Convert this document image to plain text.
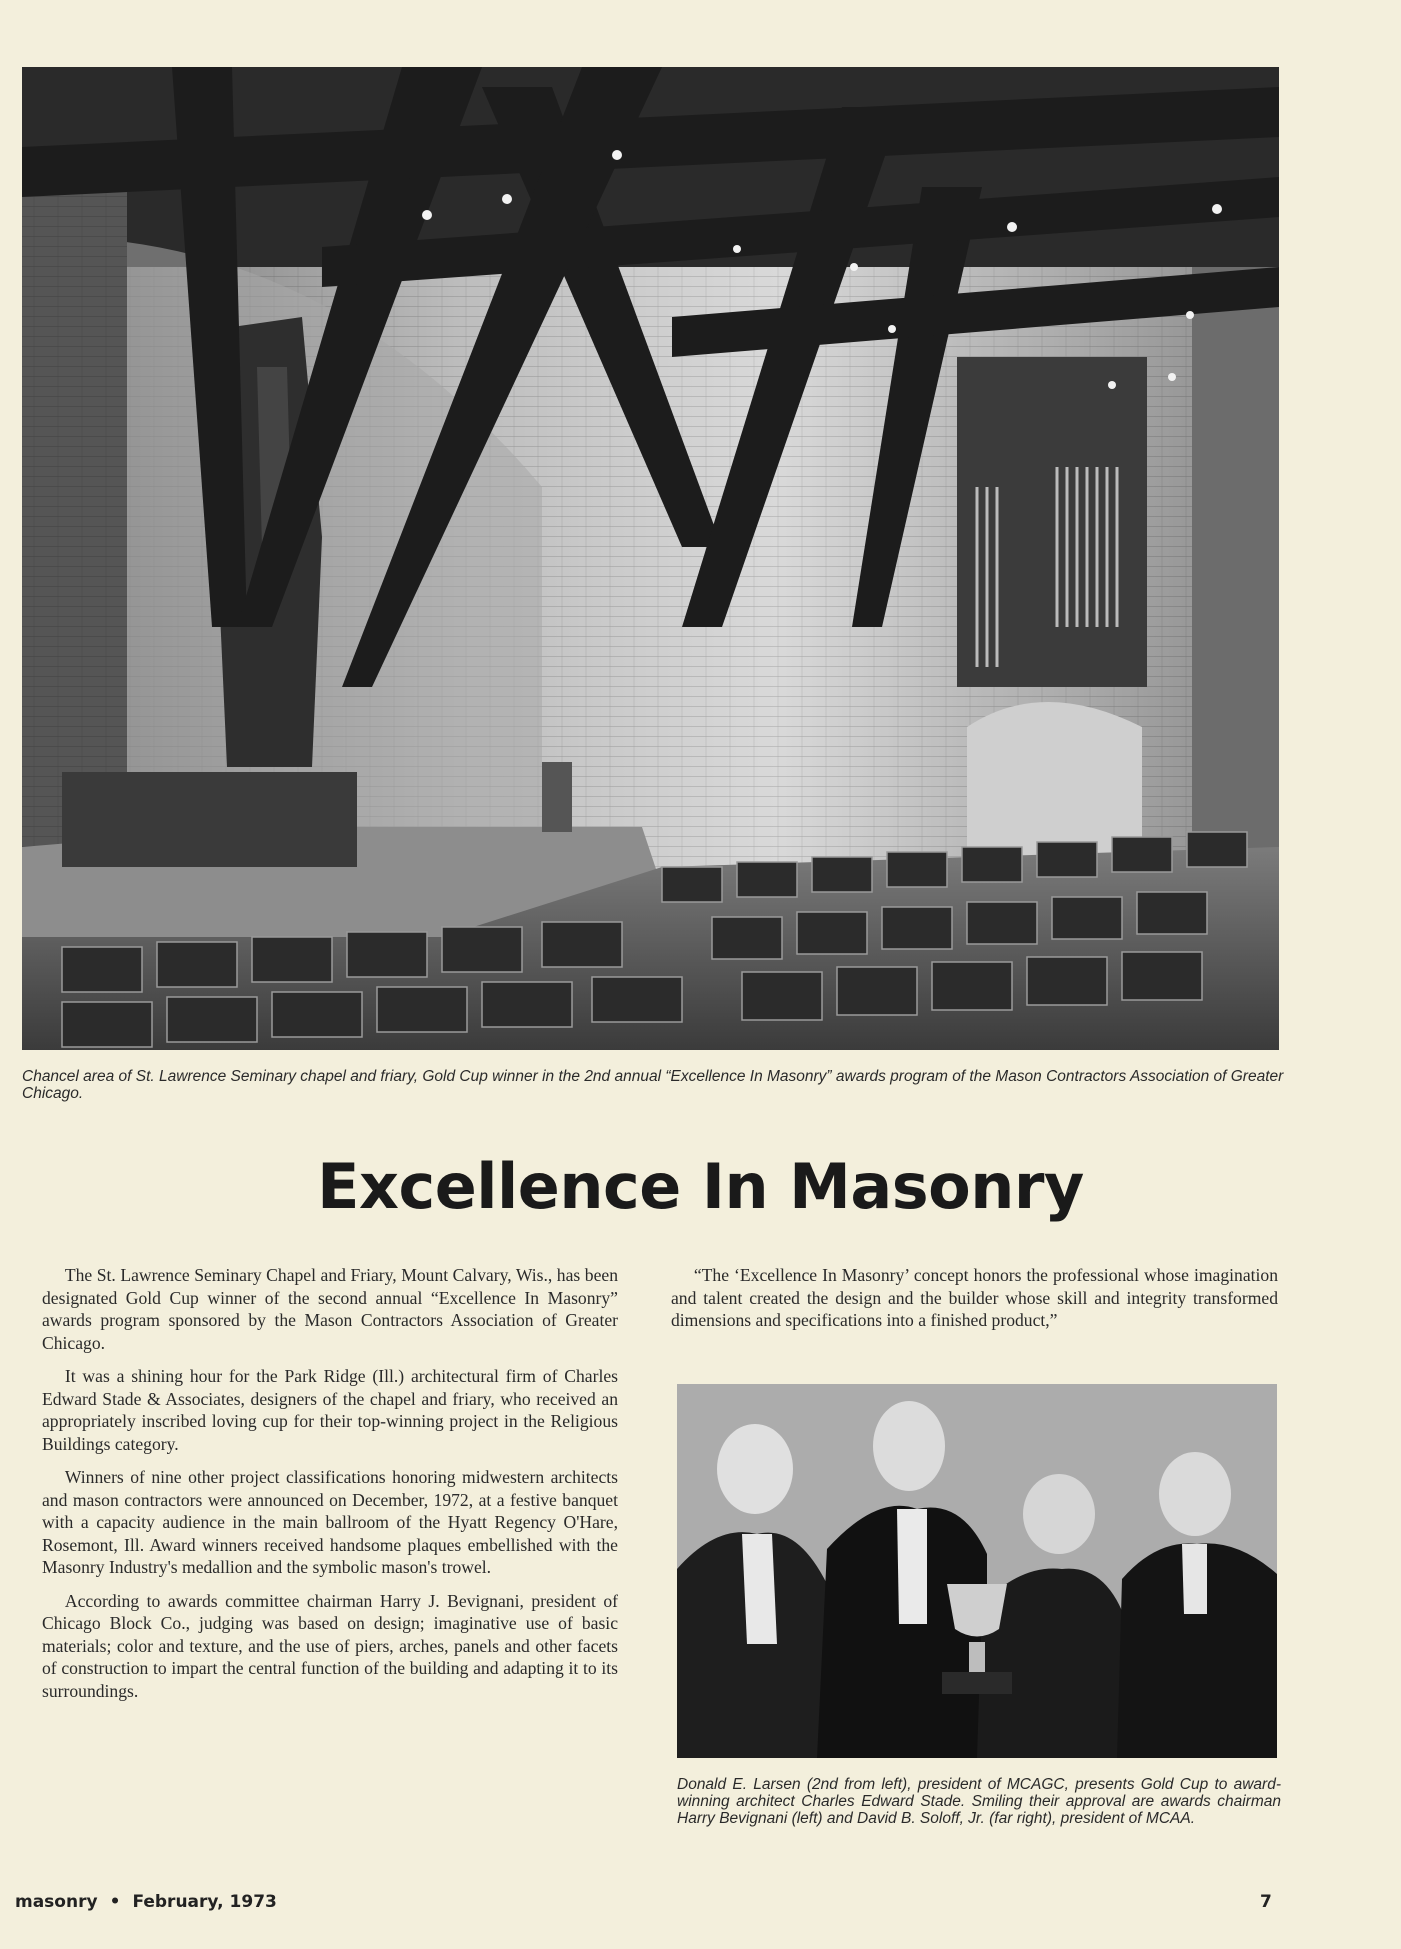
Chancel area of St. Lawrence Seminary chapel and friary, Gold Cup winner in the 2nd annual “Excellence In Masonry” awards program of the Mason Contractors Association of Greater Chicago.
Excellence In Masonry

The St. Lawrence Seminary Chapel and Friary, Mount Calvary, Wis., has been designated Gold Cup winner of the second annual “Excellence In Masonry” awards program sponsored by the Mason Contractors Association of Greater Chicago.

It was a shining hour for the Park Ridge (Ill.) architectural firm of Charles Edward Stade & Associates, designers of the chapel and friary, who received an appropriately inscribed loving cup for their top-winning project in the Religious Buildings category.

Winners of nine other project classifications honoring midwestern architects and mason contractors were announced on December, 1972, at a festive banquet with a capacity audience in the main ballroom of the Hyatt Regency O'Hare, Rosemont, Ill. Award winners received handsome plaques embellished with the Masonry Industry's medallion and the symbolic mason's trowel.

According to awards committee chairman Harry J. Bevignani, president of Chicago Block Co., judging was based on design; imaginative use of basic materials; color and texture, and the use of piers, arches, panels and other facets of construction to impart the central function of the building and adapting it to its surroundings.

“The ‘Excellence In Masonry’ concept honors the professional whose imagination and talent created the design and the builder whose skill and integrity transformed dimensions and specifications into a finished product,”

Donald E. Larsen (2nd from left), president of MCAGC, presents Gold Cup to award-winning architect Charles Edward Stade. Smiling their approval are awards chairman Harry Bevignani (left) and David B. Soloff, Jr. (far right), president of MCAA.
masonry • February, 1973	7
